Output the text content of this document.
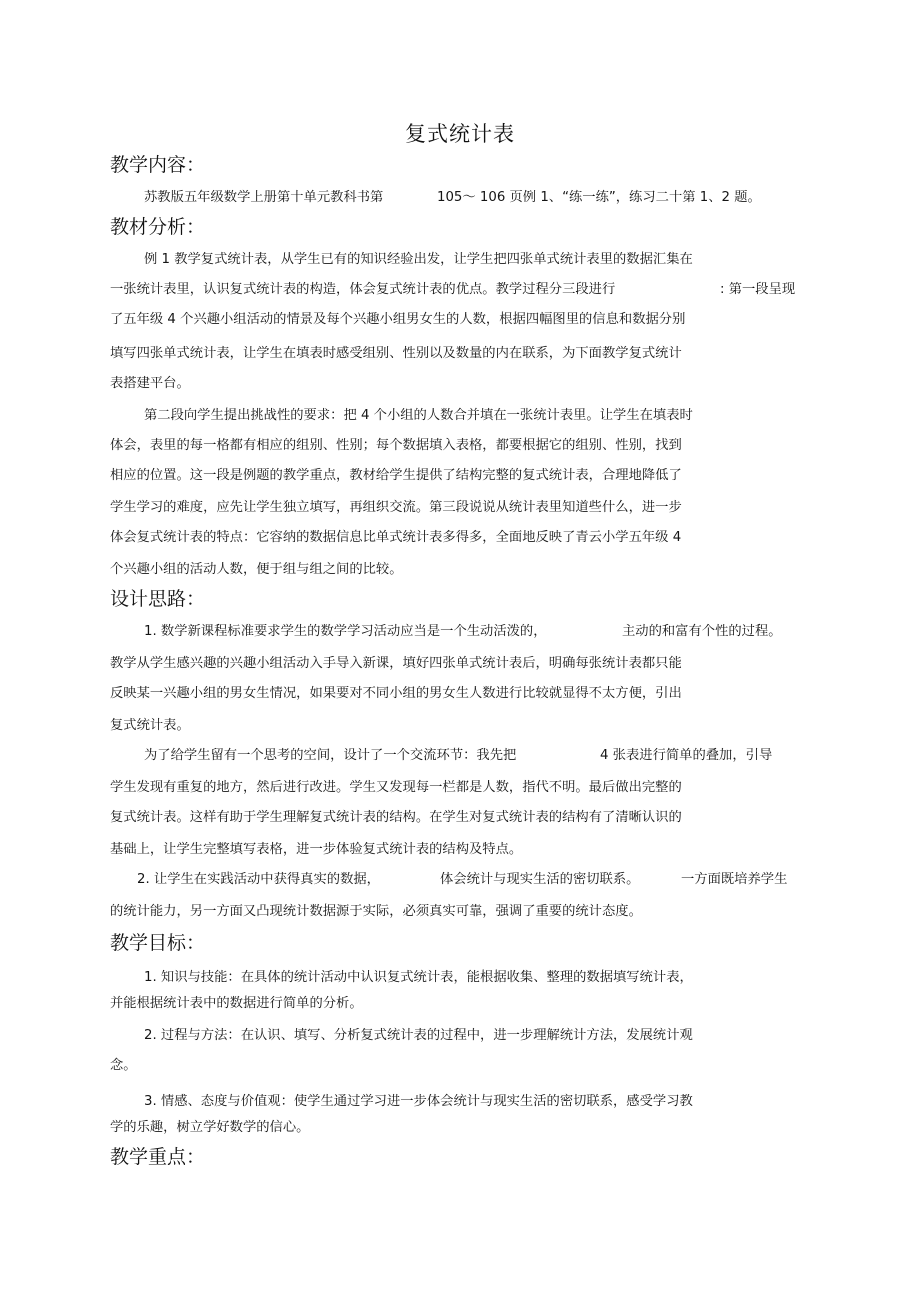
复式统计表
教学内容：
苏教版五年级数学上册第十单元教科书第	105～ 106 页例 1、“练一练”，练习二十第 1、2 题。
教材分析：
例 1 教学复式统计表，从学生已有的知识经验出发，让学生把四张单式统计表里的数据汇集在
一张统计表里，认识复式统计表的构造，体会复式统计表的优点。教学过程分三段进行	: 第一段呈现
了五年级 4 个兴趣小组活动的情景及每个兴趣小组男女生的人数，根据四幅图里的信息和数据分别
填写四张单式统计表，让学生在填表时感受组别、性别以及数量的内在联系，为下面教学复式统计
表搭建平台。
第二段向学生提出挑战性的要求：把 4 个小组的人数合并填在一张统计表里。让学生在填表时
体会，表里的每一格都有相应的组别、性别；每个数据填入表格，都要根据它的组别、性别，找到
相应的位置。这一段是例题的教学重点，教材给学生提供了结构完整的复式统计表，合理地降低了
学生学习的难度，应先让学生独立填写，再组织交流。第三段说说从统计表里知道些什么，进一步
体会复式统计表的特点：它容纳的数据信息比单式统计表多得多，全面地反映了青云小学五年级 4
个兴趣小组的活动人数，便于组与组之间的比较。
设计思路：
1. 数学新课程标准要求学生的数学学习活动应当是一个生动活泼的，	主动的和富有个性的过程。
教学从学生感兴趣的兴趣小组活动入手导入新课，填好四张单式统计表后，明确每张统计表都只能
反映某一兴趣小组的男女生情况，如果要对不同小组的男女生人数进行比较就显得不太方便，引出
复式统计表。
为了给学生留有一个思考的空间，设计了一个交流环节：我先把	4 张表进行简单的叠加，引导
学生发现有重复的地方，然后进行改进。学生又发现每一栏都是人数，指代不明。最后做出完整的
复式统计表。这样有助于学生理解复式统计表的结构。在学生对复式统计表的结构有了清晰认识的
基础上，让学生完整填写表格，进一步体验复式统计表的结构及特点。
2. 让学生在实践活动中获得真实的数据，	体会统计与现实生活的密切联系。	一方面既培养学生
的统计能力，另一方面又凸现统计数据源于实际，必须真实可靠，强调了重要的统计态度。
教学目标：
1. 知识与技能：在具体的统计活动中认识复式统计表，能根据收集、整理的数据填写统计表，
并能根据统计表中的数据进行简单的分析。
2. 过程与方法：在认识、填写、分析复式统计表的过程中，进一步理解统计方法，发展统计观
念。
3. 情感、态度与价值观：使学生通过学习进一步体会统计与现实生活的密切联系，感受学习教
学的乐趣，树立学好数学的信心。
教学重点：
